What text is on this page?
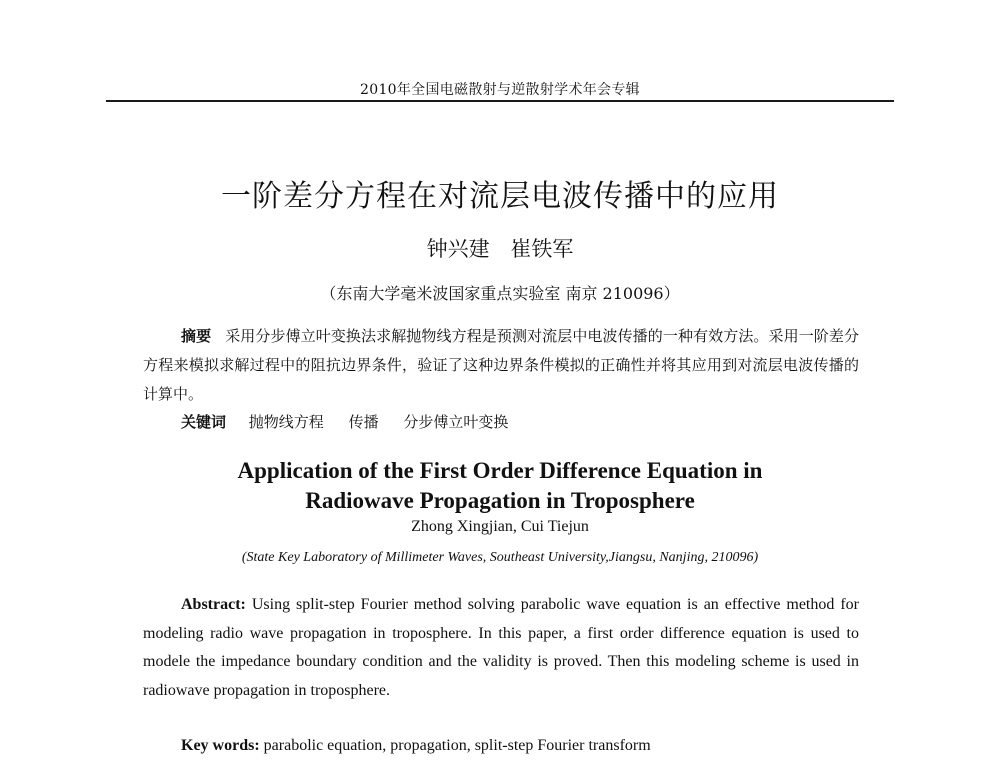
2010年全国电磁散射与逆散射学术年会专辑
一阶差分方程在对流层电波传播中的应用
钟兴建 崔铁军
（东南大学毫米波国家重点实验室 南京 210096）
摘要 采用分步傅立叶变换法求解抛物线方程是预测对流层中电波传播的一种有效方法。采用一阶差分方程来模拟求解过程中的阻抗边界条件，验证了这种边界条件模拟的正确性并将其应用到对流层电波传播的计算中。
关键词 抛物线方程 传播 分步傅立叶变换
Application of the First Order Difference Equation in
Radiowave Propagation in Troposphere
Zhong Xingjian, Cui Tiejun
(State Key Laboratory of Millimeter Waves, Southeast University,Jiangsu, Nanjing, 210096)
Abstract: Using split-step Fourier method solving parabolic wave equation is an effective method for modeling radio wave propagation in troposphere. In this paper, a first order difference equation is used to modele the impedance boundary condition and the validity is proved. Then this modeling scheme is used in radiowave propagation in troposphere.
Key words: parabolic equation, propagation, split-step Fourier transform
